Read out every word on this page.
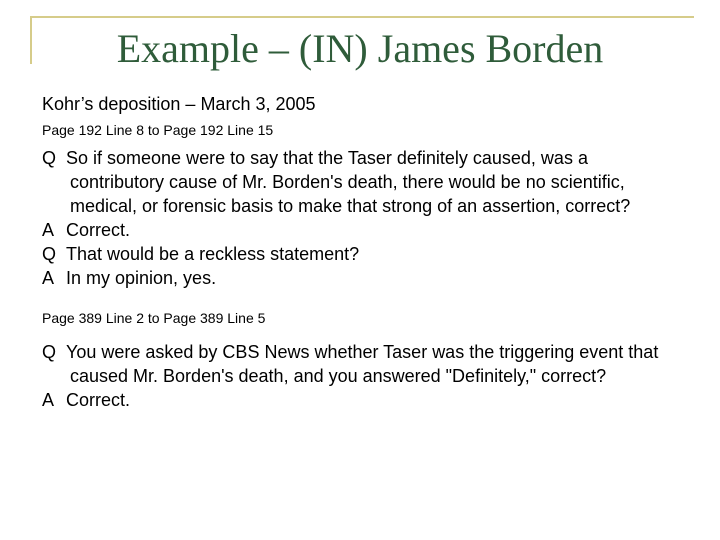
Example – (IN) James Borden
Kohr’s deposition – March 3, 2005
Page 192 Line 8 to Page 192 Line 15

Q So if someone were to say that the Taser definitely caused, was a contributory cause of Mr. Borden's death, there would be no scientific, medical, or forensic basis to make that strong of an assertion, correct?

A Correct.

Q That would be a reckless statement?

A In my opinion, yes.

Page 389 Line 2 to Page 389 Line 5

Q You were asked by CBS News whether Taser was the triggering event that caused Mr. Borden's death, and you answered "Definitely," correct?

A Correct.
